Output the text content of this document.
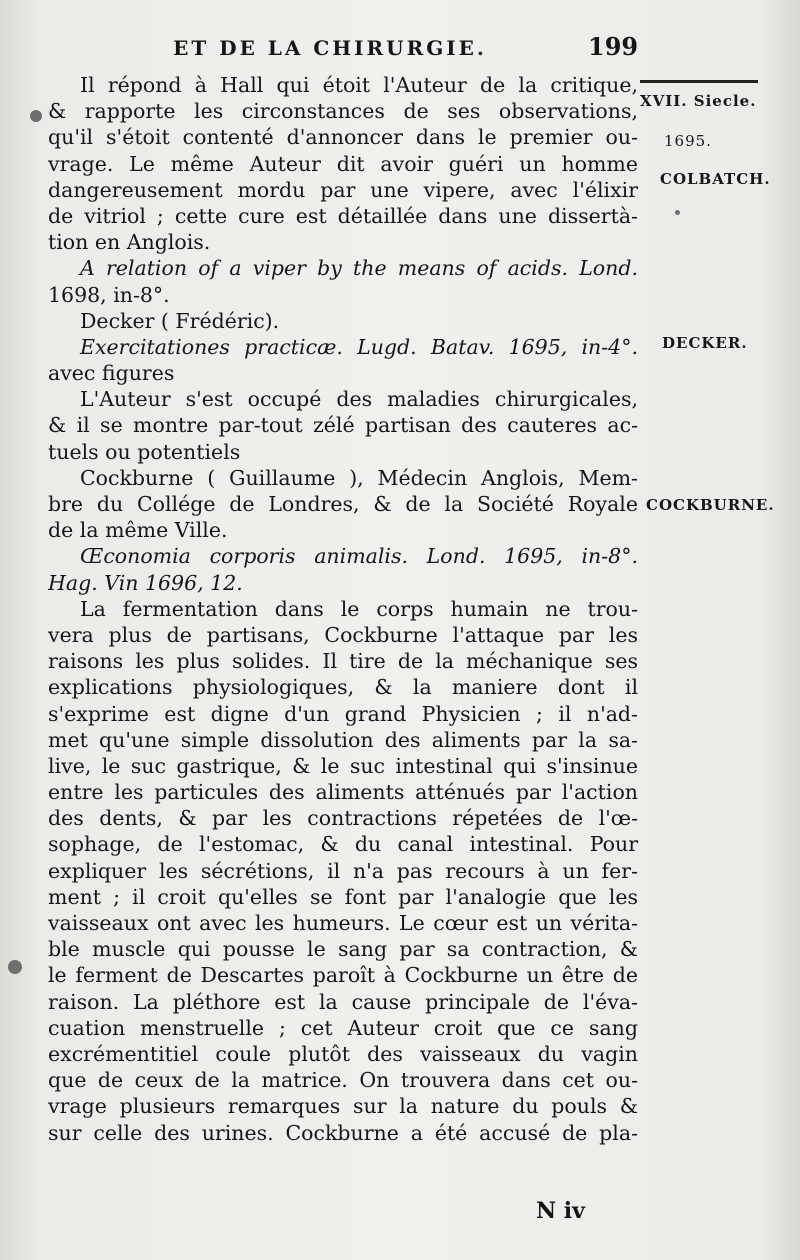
ET DE LA CHIRURGIE.	199
XVII. Siecle.
1695.
COLBATCH.
DECKER.
COCKBURNE.
Il répond à Hall qui étoit l'Auteur de la critique,
& rapporte les circonstances de ses observations,
qu'il s'étoit contenté d'annoncer dans le premier ou-
vrage. Le même Auteur dit avoir guéri un homme
dangereusement mordu par une vipere, avec l'élixir
de vitriol ; cette cure est détaillée dans une dissertà-
tion en Anglois.
A relation of a viper by the means of acids. Lond.
1698, in-8°.
Decker ( Frédéric).
Exercitationes practicæ. Lugd. Batav. 1695, in-4°.
avec figures
L'Auteur s'est occupé des maladies chirurgicales,
& il se montre par-tout zélé partisan des cauteres ac-
tuels ou potentiels
Cockburne ( Guillaume ), Médecin Anglois, Mem-
bre du Collége de Londres, & de la Société Royale
de la même Ville.
Œconomia corporis animalis. Lond. 1695, in-8°.
Hag. Vin 1696, 12.
La fermentation dans le corps humain ne trou-
vera plus de partisans, Cockburne l'attaque par les
raisons les plus solides. Il tire de la méchanique ses
explications physiologiques, & la maniere dont il
s'exprime est digne d'un grand Physicien ; il n'ad-
met qu'une simple dissolution des aliments par la sa-
live, le suc gastrique, & le suc intestinal qui s'insinue
entre les particules des aliments atténués par l'action
des dents, & par les contractions répetées de l'œ-
sophage, de l'estomac, & du canal intestinal. Pour
expliquer les sécrétions, il n'a pas recours à un fer-
ment ; il croit qu'elles se font par l'analogie que les
vaisseaux ont avec les humeurs. Le cœur est un vérita-
ble muscle qui pousse le sang par sa contraction, &
le ferment de Descartes paroît à Cockburne un être de
raison. La pléthore est la cause principale de l'éva-
cuation menstruelle ; cet Auteur croit que ce sang
excrémentitiel coule plutôt des vaisseaux du vagin
que de ceux de la matrice. On trouvera dans cet ou-
vrage plusieurs remarques sur la nature du pouls &
sur celle des urines. Cockburne a été accusé de pla-
N iv
